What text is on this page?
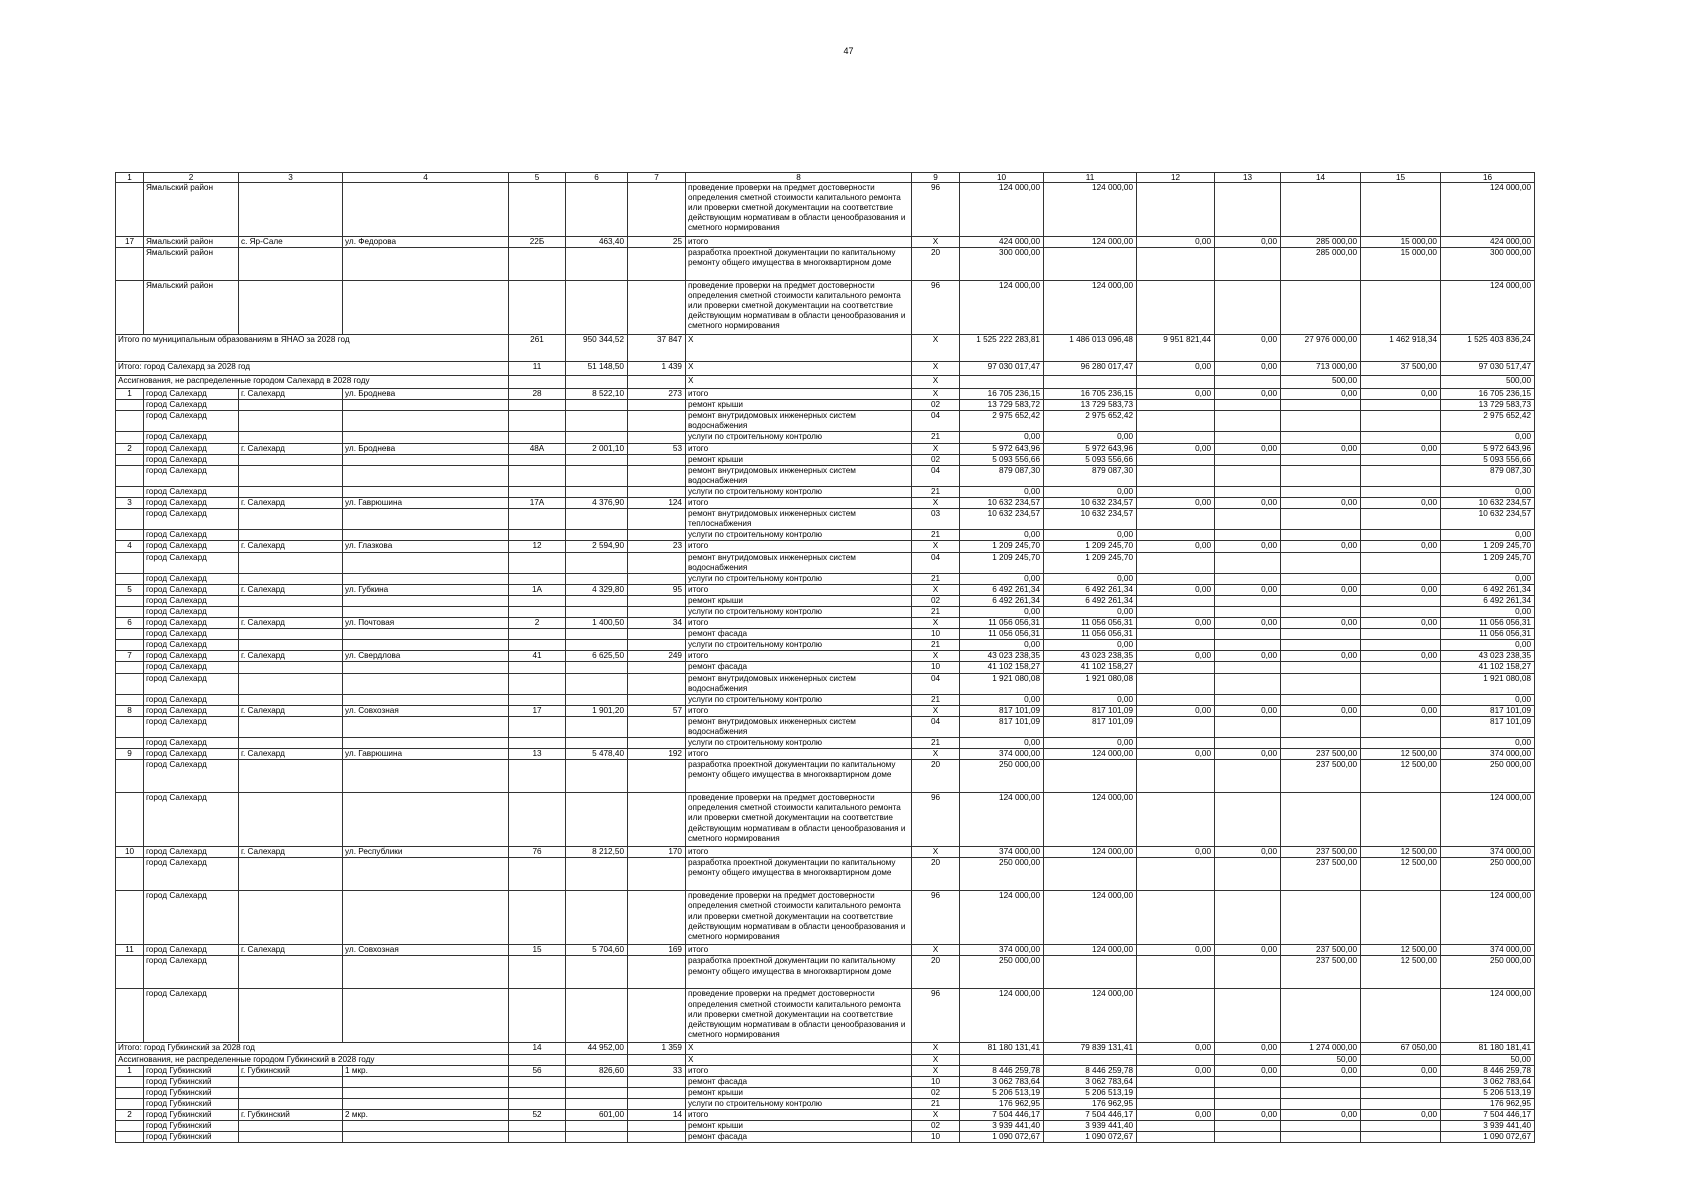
47
1	2	3	4	5	6	7	8	9	10	11	12	13	14	15	16
	Ямальский район						проведение проверки на предмет достоверности определения сметной стоимости капитального ремонта или проверки сметной документации на соответствие действующим нормативам в области ценообразования и сметного нормирования	96	124 000,00	124 000,00					124 000,00
17	Ямальский район	с. Яр-Сале	ул. Федорова	22Б	463,40	25	итого	X	424 000,00	124 000,00	0,00	0,00	285 000,00	15 000,00	424 000,00
	Ямальский район						разработка проектной документации по капитальному ремонту общего имущества в многоквартирном доме	20	300 000,00				285 000,00	15 000,00	300 000,00
	Ямальский район						проведение проверки на предмет достоверности определения сметной стоимости капитального ремонта или проверки сметной документации на соответствие действующим нормативам в области ценообразования и сметного нормирования	96	124 000,00	124 000,00					124 000,00
Итого по муниципальным образованиям в ЯНАО за 2028 год				261	950 344,52	37 847	X	X	1 525 222 283,81	1 486 013 096,48	9 951 821,44	0,00	27 976 000,00	1 462 918,34	1 525 403 836,24
Итого: город Салехард за 2028 год				11	51 148,50	1 439	X	X	97 030 017,47	96 280 017,47	0,00	0,00	713 000,00	37 500,00	97 030 517,47
Ассигнования, не распределенные городом Салехард в 2028 году							X	X					500,00		500,00
1	город Салехард	г. Салехард	ул. Броднева	28	8 522,10	273	итого	X	16 705 236,15	16 705 236,15	0,00	0,00	0,00	0,00	16 705 236,15
	город Салехард						ремонт крыши	02	13 729 583,72	13 729 583,73					13 729 583,73
	город Салехард						ремонт внутридомовых инженерных систем водоснабжения	04	2 975 652,42	2 975 652,42					2 975 652,42
	город Салехард						услуги по строительному контролю	21	0,00	0,00					0,00
2	город Салехард	г. Салехард	ул. Броднева	48А	2 001,10	53	итого	X	5 972 643,96	5 972 643,96	0,00	0,00	0,00	0,00	5 972 643,96
	город Салехард						ремонт крыши	02	5 093 556,66	5 093 556,66					5 093 556,66
	город Салехард						ремонт внутридомовых инженерных систем водоснабжения	04	879 087,30	879 087,30					879 087,30
	город Салехард						услуги по строительному контролю	21	0,00	0,00					0,00
3	город Салехард	г. Салехард	ул. Гаврюшина	17А	4 376,90	124	итого	X	10 632 234,57	10 632 234,57	0,00	0,00	0,00	0,00	10 632 234,57
	город Салехард						ремонт внутридомовых инженерных систем теплоснабжения	03	10 632 234,57	10 632 234,57					10 632 234,57
	город Салехард						услуги по строительному контролю	21	0,00	0,00					0,00
4	город Салехард	г. Салехард	ул. Глазкова	12	2 594,90	23	итого	X	1 209 245,70	1 209 245,70	0,00	0,00	0,00	0,00	1 209 245,70
	город Салехард						ремонт внутридомовых инженерных систем водоснабжения	04	1 209 245,70	1 209 245,70					1 209 245,70
	город Салехард						услуги по строительному контролю	21	0,00	0,00					0,00
5	город Салехард	г. Салехард	ул. Губкина	1А	4 329,80	95	итого	X	6 492 261,34	6 492 261,34	0,00	0,00	0,00	0,00	6 492 261,34
	город Салехард						ремонт крыши	02	6 492 261,34	6 492 261,34					6 492 261,34
	город Салехард						услуги по строительному контролю	21	0,00	0,00					0,00
6	город Салехард	г. Салехард	ул. Почтовая	2	1 400,50	34	итого	X	11 056 056,31	11 056 056,31	0,00	0,00	0,00	0,00	11 056 056,31
	город Салехард						ремонт фасада	10	11 056 056,31	11 056 056,31					11 056 056,31
	город Салехард						услуги по строительному контролю	21	0,00	0,00					0,00
7	город Салехард	г. Салехард	ул. Свердлова	41	6 625,50	249	итого	X	43 023 238,35	43 023 238,35	0,00	0,00	0,00	0,00	43 023 238,35
	город Салехард						ремонт фасада	10	41 102 158,27	41 102 158,27					41 102 158,27
	город Салехард						ремонт внутридомовых инженерных систем водоснабжения	04	1 921 080,08	1 921 080,08					1 921 080,08
	город Салехард						услуги по строительному контролю	21	0,00	0,00					0,00
8	город Салехард	г. Салехард	ул. Совхозная	17	1 901,20	57	итого	X	817 101,09	817 101,09	0,00	0,00	0,00	0,00	817 101,09
	город Салехард						ремонт внутридомовых инженерных систем водоснабжения	04	817 101,09	817 101,09					817 101,09
	город Салехард						услуги по строительному контролю	21	0,00	0,00					0,00
9	город Салехард	г. Салехард	ул. Гаврюшина	13	5 478,40	192	итого	X	374 000,00	124 000,00	0,00	0,00	237 500,00	12 500,00	374 000,00
	город Салехард						разработка проектной документации по капитальному ремонту общего имущества в многоквартирном доме	20	250 000,00				237 500,00	12 500,00	250 000,00
	город Салехард						проведение проверки на предмет достоверности определения сметной стоимости капитального ремонта или проверки сметной документации на соответствие действующим нормативам в области ценообразования и сметного нормирования	96	124 000,00	124 000,00					124 000,00
10	город Салехард	г. Салехард	ул. Республики	76	8 212,50	170	итого	X	374 000,00	124 000,00	0,00	0,00	237 500,00	12 500,00	374 000,00
	город Салехард						разработка проектной документации по капитальному ремонту общего имущества в многоквартирном доме	20	250 000,00				237 500,00	12 500,00	250 000,00
	город Салехард						проведение проверки на предмет достоверности определения сметной стоимости капитального ремонта или проверки сметной документации на соответствие действующим нормативам в области ценообразования и сметного нормирования	96	124 000,00	124 000,00					124 000,00
11	город Салехард	г. Салехард	ул. Совхозная	15	5 704,60	169	итого	X	374 000,00	124 000,00	0,00	0,00	237 500,00	12 500,00	374 000,00
	город Салехард						разработка проектной документации по капитальному ремонту общего имущества в многоквартирном доме	20	250 000,00				237 500,00	12 500,00	250 000,00
	город Салехард						проведение проверки на предмет достоверности определения сметной стоимости капитального ремонта или проверки сметной документации на соответствие действующим нормативам в области ценообразования и сметного нормирования	96	124 000,00	124 000,00					124 000,00
Итого: город Губкинский за 2028 год				14	44 952,00	1 359	X	X	81 180 131,41	79 839 131,41	0,00	0,00	1 274 000,00	67 050,00	81 180 181,41
Ассигнования, не распределенные городом Губкинский в 2028 году							X	X					50,00		50,00
1	город Губкинский	г. Губкинский	1 мкр.	56	826,60	33	итого	X	8 446 259,78	8 446 259,78	0,00	0,00	0,00	0,00	8 446 259,78
	город Губкинский						ремонт фасада	10	3 062 783,64	3 062 783,64					3 062 783,64
	город Губкинский						ремонт крыши	02	5 206 513,19	5 206 513,19					5 206 513,19
	город Губкинский						услуги по строительному контролю	21	176 962,95	176 962,95					176 962,95
2	город Губкинский	г. Губкинский	2 мкр.	52	601,00	14	итого	X	7 504 446,17	7 504 446,17	0,00	0,00	0,00	0,00	7 504 446,17
	город Губкинский						ремонт крыши	02	3 939 441,40	3 939 441,40					3 939 441,40
	город Губкинский						ремонт фасада	10	1 090 072,67	1 090 072,67					1 090 072,67
